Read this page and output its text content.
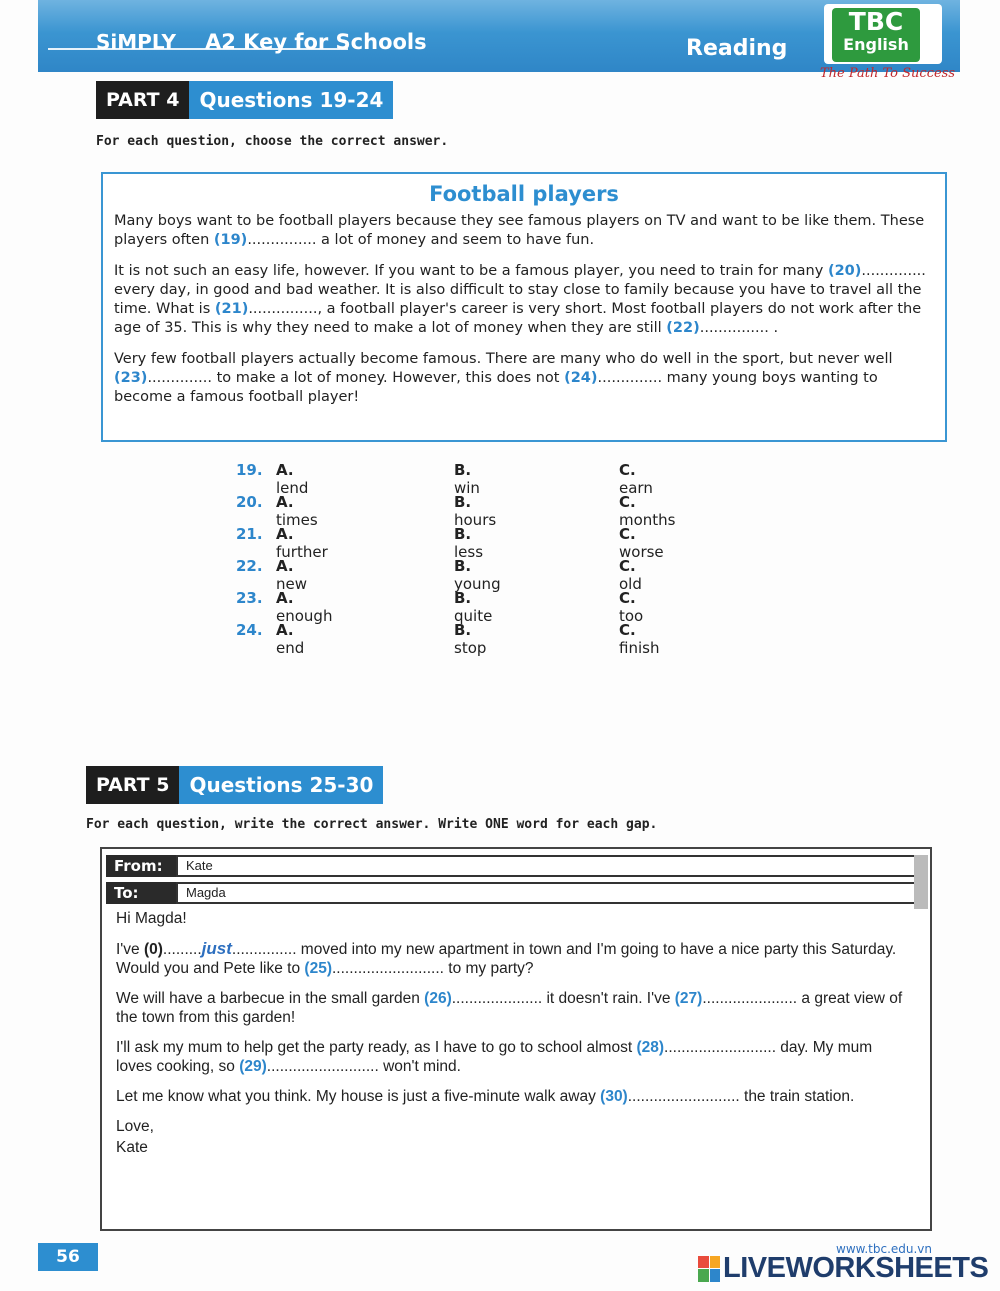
SiMPLY A2 Key for Schools	Reading
TBC
English
The Path To Success
PART 4	Questions 19-24
For each question, choose the correct answer.
Football players

Many boys want to be football players because they see famous players on TV and want to be like them. These players often (19)............... a lot of money and seem to have fun.

It is not such an easy life, however. If you want to be a famous player, you need to train for many (20).............. every day, in good and bad weather. It is also difficult to stay close to family because you have to travel all the time. What is (21)..............., a football player's career is very short. Most football players do not work after the age of 35. This is why they need to make a lot of money when they are still (22)............... .

Very few football players actually become famous. There are many who do well in the sport, but never well (23).............. to make a lot of money. However, this does not (24).............. many young boys wanting to become a famous football player!

19. A. lend
B. win
C. earn
20. A. times
B. hours
C. months
21. A. further
B. less
C. worse
22. A. new
B. young
C. old
23. A. enough
B. quite
C. too
24. A. end
B. stop
C. finish
PART 5	Questions 25-30
For each question, write the correct answer. Write ONE word for each gap.
From:	Kate
To:	Magda

Hi Magda!

I've (0).........just............... moved into my new apartment in town and I'm going to have a nice party this Saturday. Would you and Pete like to (25).......................... to my party?

We will have a barbecue in the small garden (26)..................... it doesn't rain. I've (27)...................... a great view of the town from this garden!

I'll ask my mum to help get the party ready, as I have to go to school almost (28).......................... day. My mum loves cooking, so (29).......................... won't mind.

Let me know what you think. My house is just a five-minute walk away (30).......................... the train station.

Love,

Kate

56	www.tbc.edu.vn
LIVEWORKSHEETS
